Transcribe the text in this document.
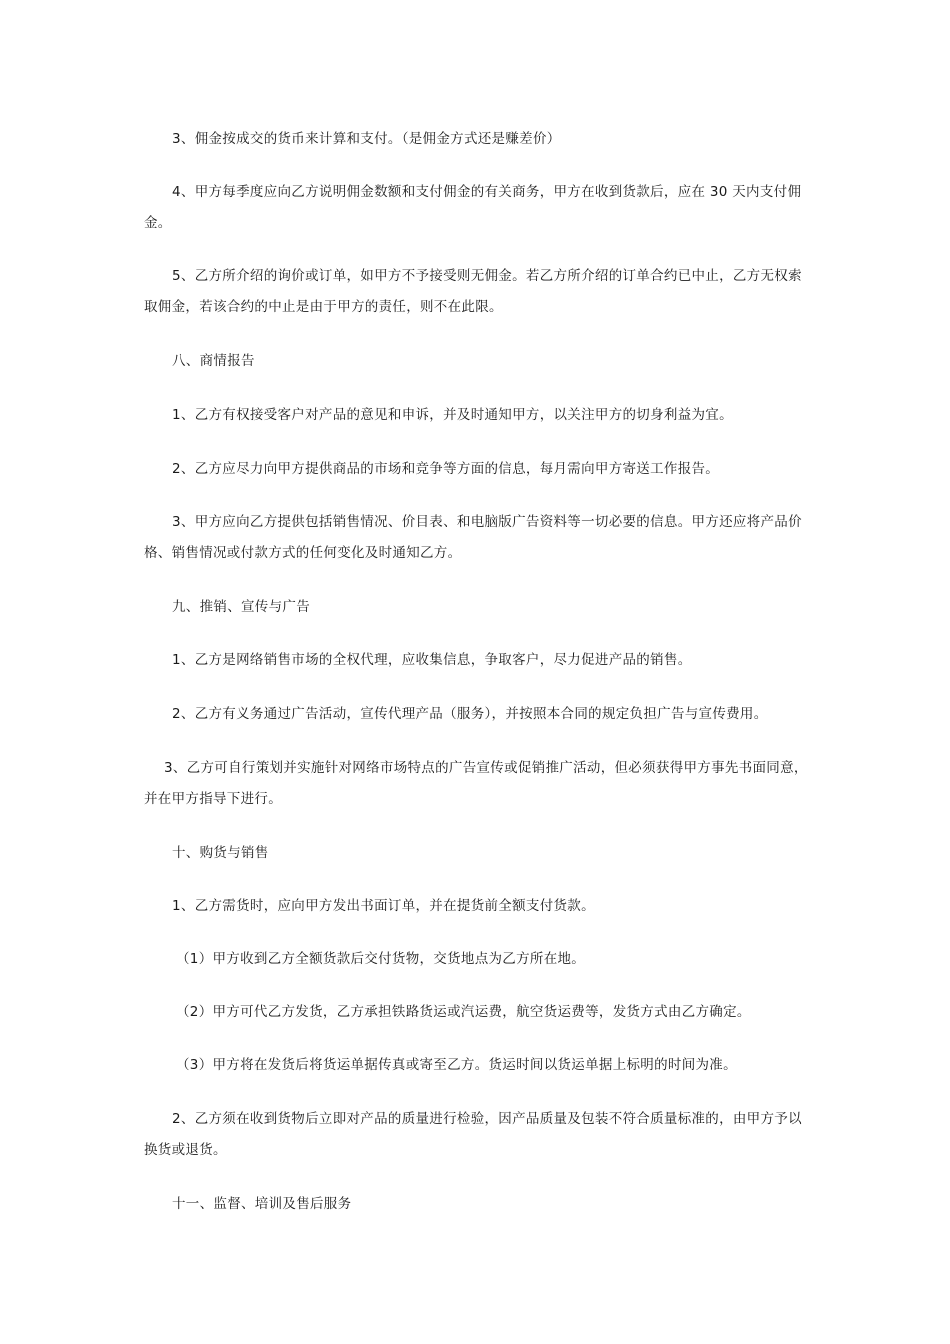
3、佣金按成交的货币来计算和支付。（是佣金方式还是赚差价）

4、甲方每季度应向乙方说明佣金数额和支付佣金的有关商务，甲方在收到货款后，应在 30 天内支付佣金。

5、乙方所介绍的询价或订单，如甲方不予接受则无佣金。若乙方所介绍的订单合约已中止，乙方无权索取佣金，若该合约的中止是由于甲方的责任，则不在此限。

八、商情报告

1、乙方有权接受客户对产品的意见和申诉，并及时通知甲方，以关注甲方的切身利益为宜。

2、乙方应尽力向甲方提供商品的市场和竞争等方面的信息，每月需向甲方寄送工作报告。

3、甲方应向乙方提供包括销售情况、价目表、和电脑版广告资料等一切必要的信息。甲方还应将产品价格、销售情况或付款方式的任何变化及时通知乙方。

九、推销、宣传与广告

1、乙方是网络销售市场的全权代理，应收集信息，争取客户，尽力促进产品的销售。

2、乙方有义务通过广告活动，宣传代理产品（服务），并按照本合同的规定负担广告与宣传费用。

3、乙方可自行策划并实施针对网络市场特点的广告宣传或促销推广活动，但必须获得甲方事先书面同意，并在甲方指导下进行。

十、购货与销售

1、乙方需货时，应向甲方发出书面订单，并在提货前全额支付货款。

（1）甲方收到乙方全额货款后交付货物，交货地点为乙方所在地。

（2）甲方可代乙方发货，乙方承担铁路货运或汽运费，航空货运费等，发货方式由乙方确定。

（3）甲方将在发货后将货运单据传真或寄至乙方。货运时间以货运单据上标明的时间为准。

2、乙方须在收到货物后立即对产品的质量进行检验，因产品质量及包装不符合质量标准的，由甲方予以换货或退货。

十一、监督、培训及售后服务
